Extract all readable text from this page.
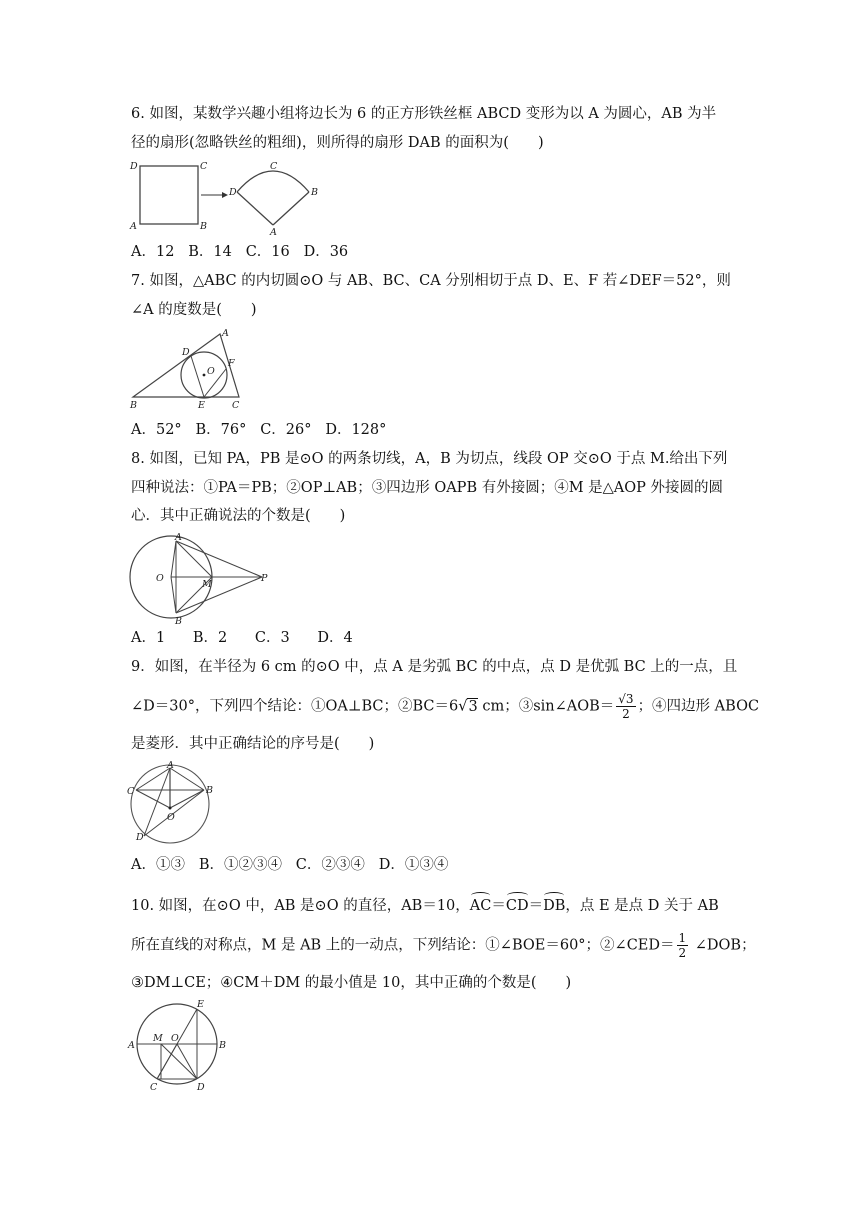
6. 如图，某数学兴趣小组将边长为 6 的正方形铁丝框 ABCD 变形为以 A 为圆心，AB 为半
径的扇形(忽略铁丝的粗细)，则所得的扇形 DAB 的面积为(　　)
D	C
A	B
D
C
B
A
A．12 B．14 C．16 D．36
7. 如图，△ABC 的内切圆⊙O 与 AB、BC、CA 分别相切于点 D、E、F 若∠DEF＝52°，则
∠A 的度数是(　　)
A
B	C
D
E
F
O
A．52° B．76° C．26° D．128°
8. 如图，已知 PA，PB 是⊙O 的两条切线，A，B 为切点，线段 OP 交⊙O 于点 M.给出下列
四种说法：①PA＝PB；②OP⊥AB；③四边形 OAPB 有外接圆；④M 是△AOP 外接圆的圆
心．其中正确说法的个数是(　　)
A
B
O
M
P
A．1 B．2 C．3 D．4
9．如图，在半径为 6 cm 的⊙O 中，点 A 是劣弧 BC 的中点，点 D 是优弧 BC 上的一点，且
∠D＝30°，下列四个结论：①OA⊥BC；②BC＝6√3 cm；③sin∠AOB＝ $\frac{√3}{2}$ ；④四边形 ABOC
是菱形．其中正确结论的序号是(　　)
A
B
C
D
O
A．①③ B．①②③④ C．②③④ D．①③④
10. 如图，在⊙O 中，AB 是⊙O 的直径，AB＝10，AC＝CD＝DB，点 E 是点 D 关于 AB
所在直线的对称点，M 是 AB 上的一动点，下列结论：①∠BOE＝60°；②∠CED＝ $\frac{1}{2}$ ∠DOB；
③DM⊥CE；④CM＋DM 的最小值是 10，其中正确的个数是(　　)
A	B
C	D
E
M O
